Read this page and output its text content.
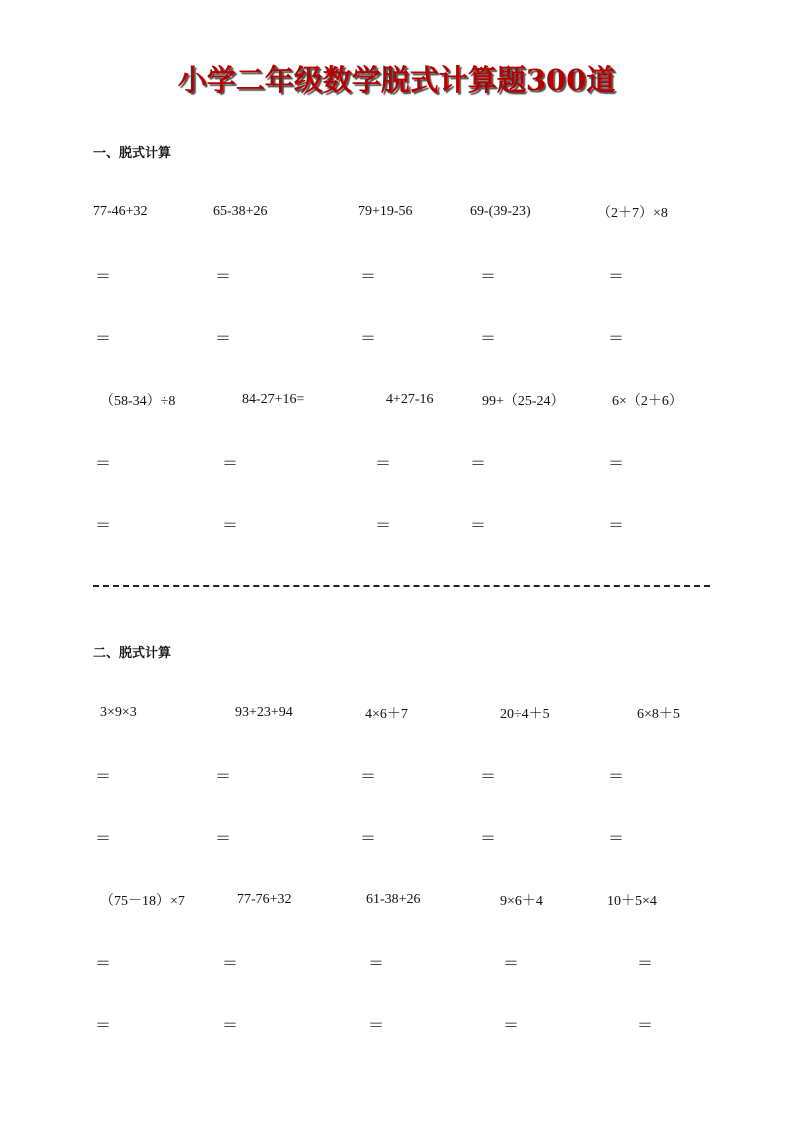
小学二年级数学脱式计算题300道
一、脱式计算
二、脱式计算
77-46+32
＝
＝
65-38+26
＝
＝
79+19-56
＝
＝
69-(39-23)
＝
＝
（2＋7）×8
＝
＝
（58-34）÷8
＝
＝
84-27+16=
＝
＝
4+27-16
＝
＝
99+（25-24）
＝
＝
6×（2＋6）
＝
＝
3×9×3
＝
＝
93+23+94
＝
＝
4×6＋7
＝
＝
20÷4＋5
＝
＝
6×8＋5
＝
＝
（75－18）×7
＝
＝
77-76+32
＝
＝
61-38+26
＝
＝
9×6＋4
＝
＝
10＋5×4
＝
＝
